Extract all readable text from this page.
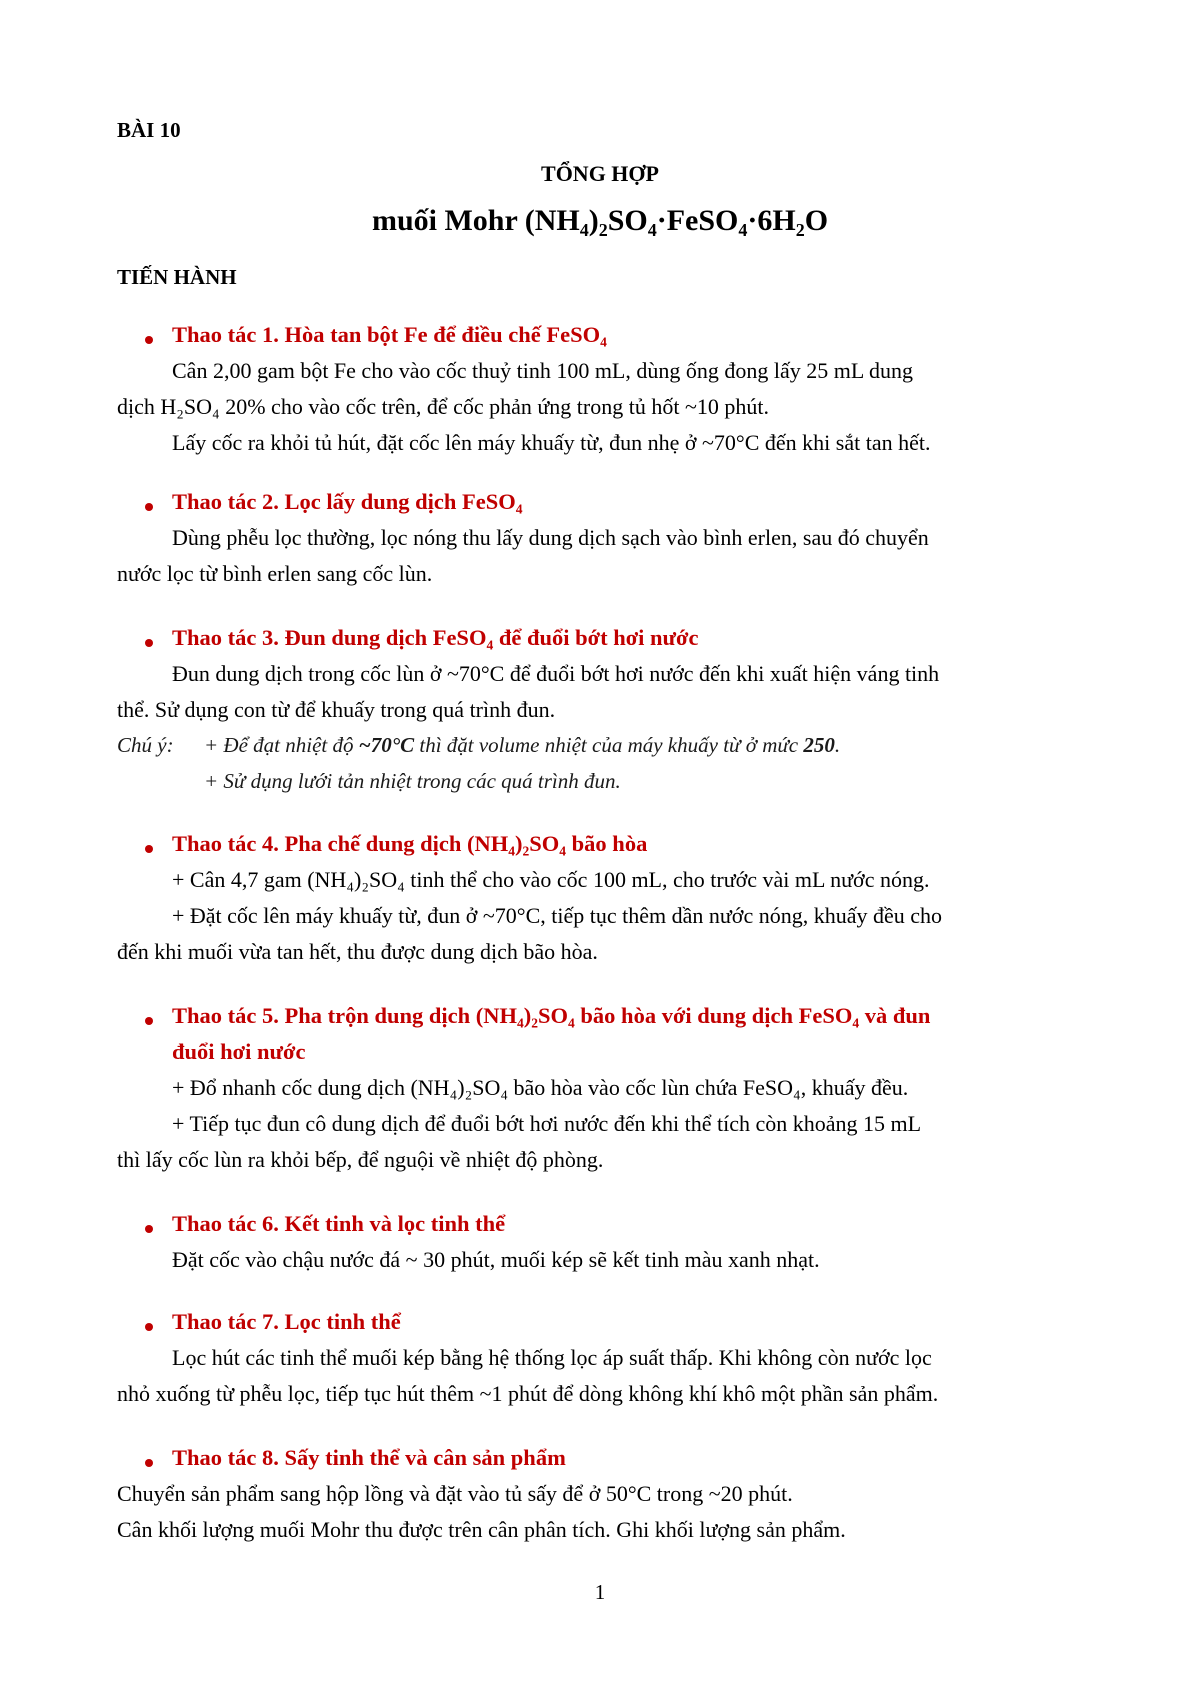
BÀI 10
TỔNG HỢP
muối Mohr (NH₄)₂SO₄·FeSO₄·6H₂O
TIẾN HÀNH
Thao tác 1. Hòa tan bột Fe để điều chế FeSO₄
Cân 2,00 gam bột Fe cho vào cốc thuỷ tinh 100 mL, dùng ống đong lấy 25 mL dung
dịch H₂SO₄ 20% cho vào cốc trên, để cốc phản ứng trong tủ hốt ~10 phút.
Lấy cốc ra khỏi tủ hút, đặt cốc lên máy khuấy từ, đun nhẹ ở ~70°C đến khi sắt tan hết.
Thao tác 2. Lọc lấy dung dịch FeSO₄
Dùng phễu lọc thường, lọc nóng thu lấy dung dịch sạch vào bình erlen, sau đó chuyển
nước lọc từ bình erlen sang cốc lùn.
Thao tác 3. Đun dung dịch FeSO₄ để đuổi bớt hơi nước
Đun dung dịch trong cốc lùn ở ~70°C để đuổi bớt hơi nước đến khi xuất hiện váng tinh
thể. Sử dụng con từ để khuấy trong quá trình đun.
Chú ý: + Để đạt nhiệt độ ~70°C thì đặt volume nhiệt của máy khuấy từ ở mức 250.
+ Sử dụng lưới tản nhiệt trong các quá trình đun.
Thao tác 4. Pha chế dung dịch (NH₄)₂SO₄ bão hòa
+ Cân 4,7 gam (NH₄)₂SO₄ tinh thể cho vào cốc 100 mL, cho trước vài mL nước nóng.
+ Đặt cốc lên máy khuấy từ, đun ở ~70°C, tiếp tục thêm dần nước nóng, khuấy đều cho
đến khi muối vừa tan hết, thu được dung dịch bão hòa.
Thao tác 5. Pha trộn dung dịch (NH₄)₂SO₄ bão hòa với dung dịch FeSO₄ và đun
đuổi hơi nước
+ Đổ nhanh cốc dung dịch (NH₄)₂SO₄ bão hòa vào cốc lùn chứa FeSO₄, khuấy đều.
+ Tiếp tục đun cô dung dịch để đuổi bớt hơi nước đến khi thể tích còn khoảng 15 mL
thì lấy cốc lùn ra khỏi bếp, để nguội về nhiệt độ phòng.
Thao tác 6. Kết tinh và lọc tinh thể
Đặt cốc vào chậu nước đá ~ 30 phút, muối kép sẽ kết tinh màu xanh nhạt.
Thao tác 7. Lọc tinh thể
Lọc hút các tinh thể muối kép bằng hệ thống lọc áp suất thấp. Khi không còn nước lọc
nhỏ xuống từ phễu lọc, tiếp tục hút thêm ~1 phút để dòng không khí khô một phần sản phẩm.
Thao tác 8. Sấy tinh thể và cân sản phẩm
Chuyển sản phẩm sang hộp lồng và đặt vào tủ sấy để ở 50°C trong ~20 phút.
Cân khối lượng muối Mohr thu được trên cân phân tích. Ghi khối lượng sản phẩm.
1
